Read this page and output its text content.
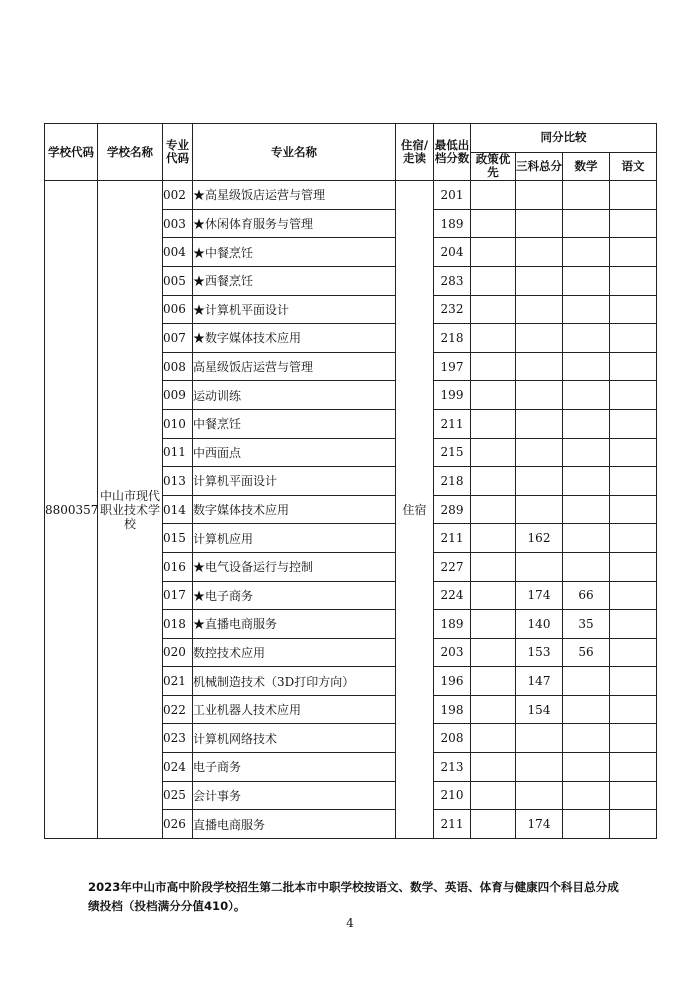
学校代码	学校名称	专业代码	专业名称	住宿/走读	最低出档分数	同分比较			
						政策优先	三科总分	数学	语文
8800357	中山市现代职业技术学校	002	★高星级饭店运营与管理	住宿	201				
		003	★休闲体育服务与管理		189				
		004	★中餐烹饪		204				
		005	★西餐烹饪		283				
		006	★计算机平面设计		232				
		007	★数字媒体技术应用		218				
		008	高星级饭店运营与管理		197				
		009	运动训练		199				
		010	中餐烹饪		211				
		011	中西面点		215				
		013	计算机平面设计		218				
		014	数字媒体技术应用		289				
		015	计算机应用		211		162		
		016	★电气设备运行与控制		227				
		017	★电子商务		224		174	66	
		018	★直播电商服务		189		140	35	
		020	数控技术应用		203		153	56	
		021	机械制造技术（3D打印方向）		196		147		
		022	工业机器人技术应用		198		154		
		023	计算机网络技术		208				
		024	电子商务		213				
		025	会计事务		210				
		026	直播电商服务		211		174		
2023年中山市高中阶段学校招生第二批本市中职学校按语文、数学、英语、体育与健康四个科目总分成绩投档（投档满分分值410）。
4
